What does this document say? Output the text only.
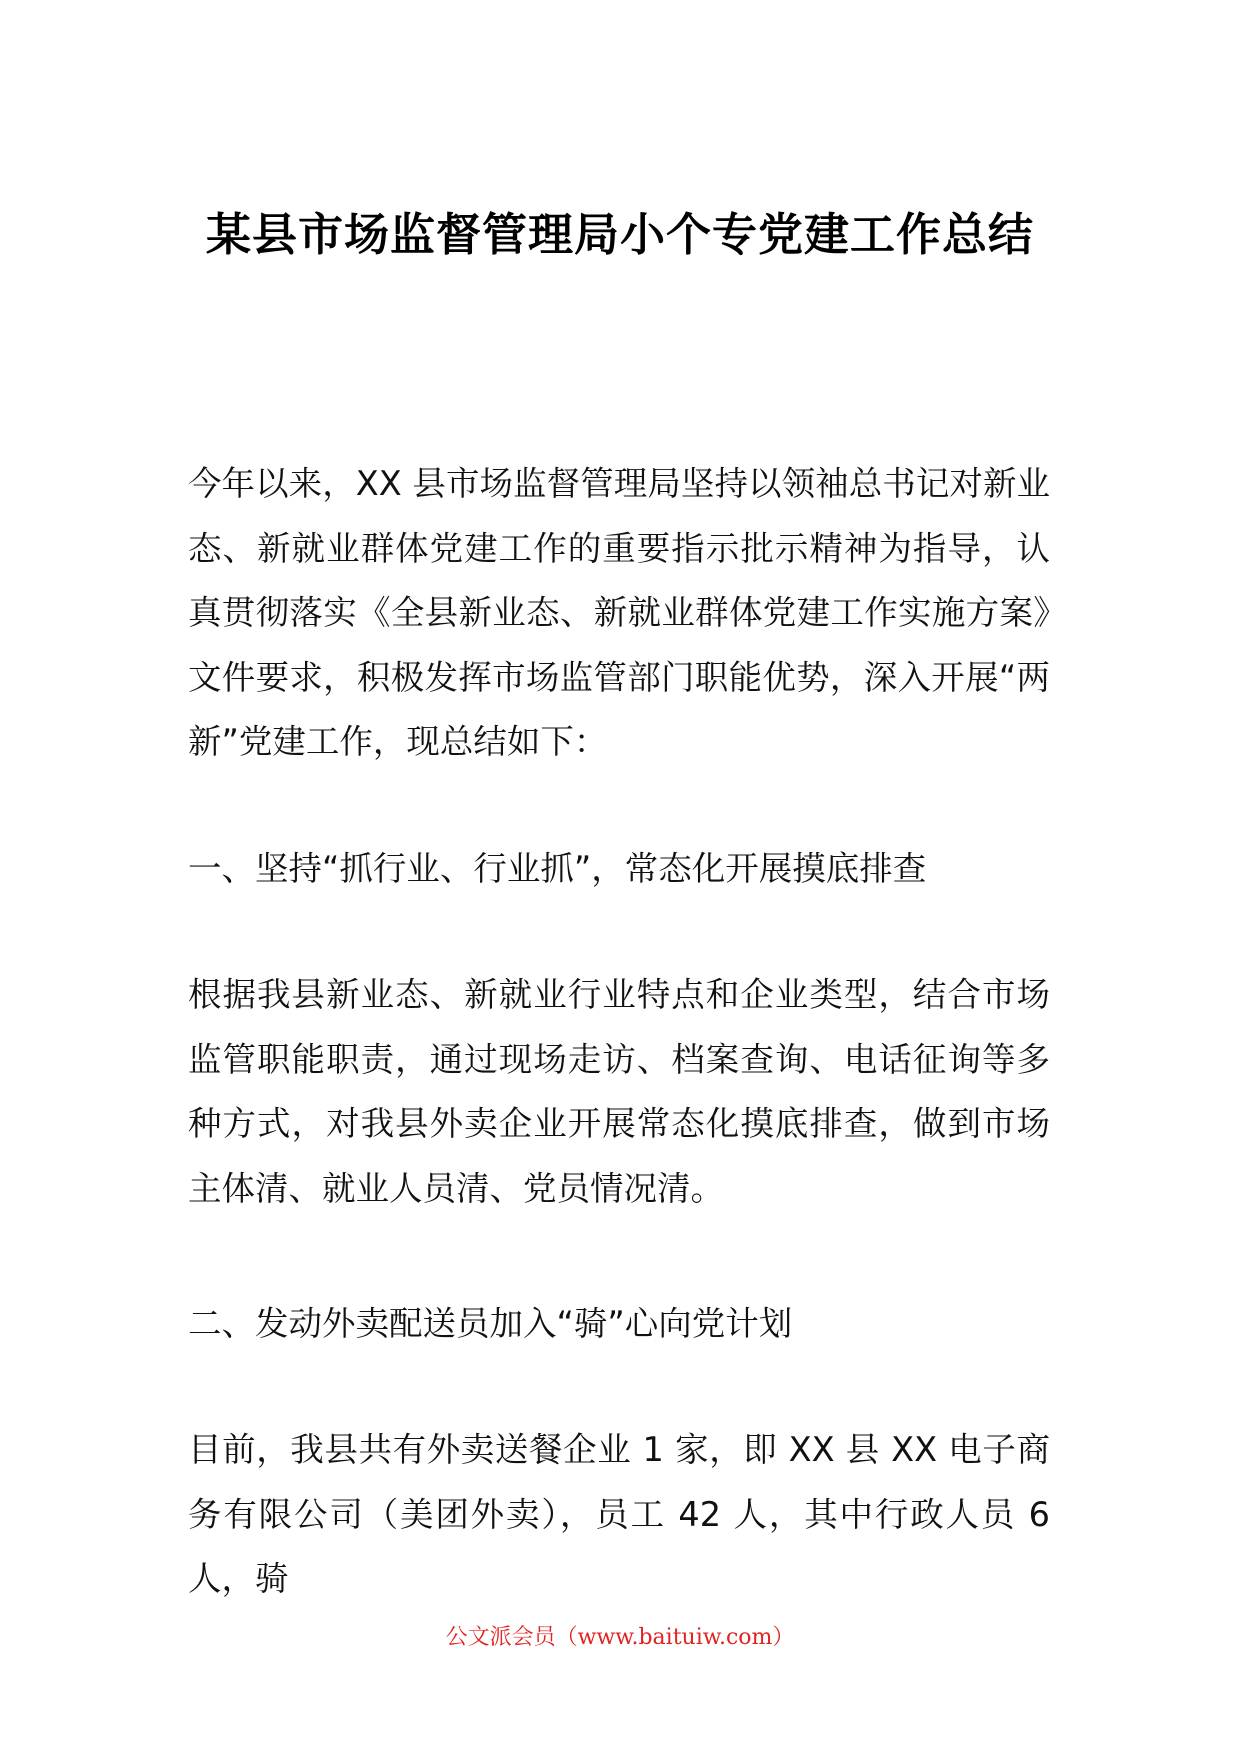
某县市场监督管理局小个专党建工作总结

今年以来，XX 县市场监督管理局坚持以领袖总书记对新业态、新就业群体党建工作的重要指示批示精神为指导，认真贯彻落实《全县新业态、新就业群体党建工作实施方案》文件要求，积极发挥市场监管部门职能优势，深入开展“两新”党建工作，现总结如下：

一、坚持“抓行业、行业抓”，常态化开展摸底排查

根据我县新业态、新就业行业特点和企业类型，结合市场监管职能职责，通过现场走访、档案查询、电话征询等多种方式，对我县外卖企业开展常态化摸底排查，做到市场主体清、就业人员清、党员情况清。

二、发动外卖配送员加入“骑”心向党计划

目前，我县共有外卖送餐企业 1 家，即 XX 县 XX 电子商务有限公司（美团外卖），员工 42 人，其中行政人员 6 人，骑

公文派会员（www.baituiw.com）
